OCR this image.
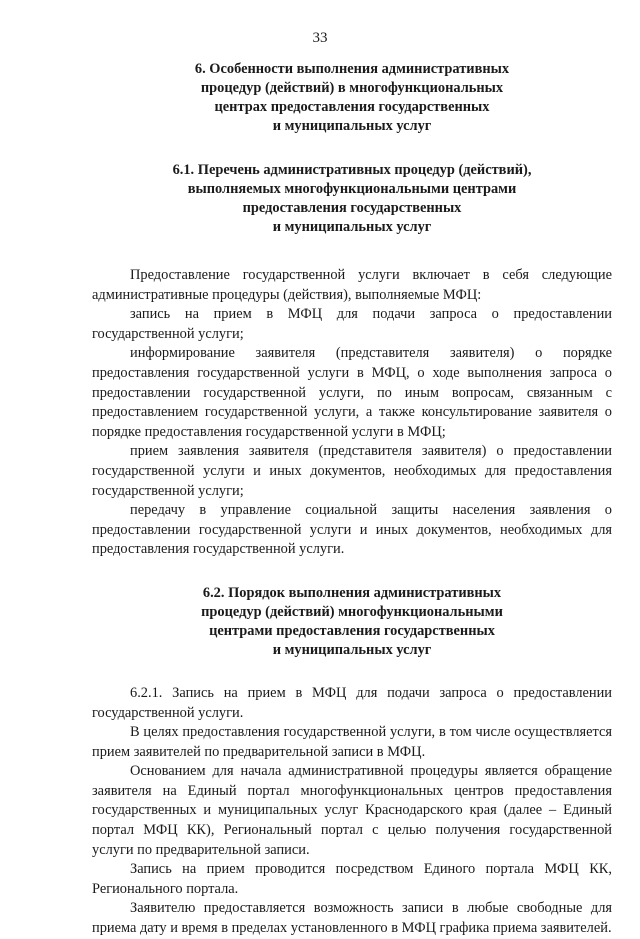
33
6. Особенности выполнения административных
процедур (действий) в многофункциональных
центрах предоставления государственных
и муниципальных услуг
6.1. Перечень административных процедур (действий),
выполняемых многофункциональными центрами
предоставления государственных
и муниципальных услуг

Предоставление государственной услуги включает в себя следующие административные процедуры (действия), выполняемые МФЦ:

запись на прием в МФЦ для подачи запроса о предоставлении государственной услуги;

информирование заявителя (представителя заявителя) о порядке предоставления государственной услуги в МФЦ, о ходе выполнения запроса о предоставлении государственной услуги, по иным вопросам, связанным с предоставлением государственной услуги, а также консультирование заявителя о порядке предоставления государственной услуги в МФЦ;

прием заявления заявителя (представителя заявителя) о предоставлении государственной услуги и иных документов, необходимых для предоставления государственной услуги;

передачу в управление социальной защиты населения заявления о предоставлении государственной услуги и иных документов, необходимых для предоставления государственной услуги.

6.2. Порядок выполнения административных
процедур (действий) многофункциональными
центрами предоставления государственных
и муниципальных услуг

6.2.1. Запись на прием в МФЦ для подачи запроса о предоставлении государственной услуги.

В целях предоставления государственной услуги, в том числе осуществляется прием заявителей по предварительной записи в МФЦ.

Основанием для начала административной процедуры является обращение заявителя на Единый портал многофункциональных центров предоставления государственных и муниципальных услуг Краснодарского края (далее – Единый портал МФЦ КК), Региональный портал с целью получения государственной услуги по предварительной записи.

Запись на прием проводится посредством Единого портала МФЦ КК, Регионального портала.

Заявителю предоставляется возможность записи в любые свободные для приема дату и время в пределах установленного в МФЦ графика приема заявителей.
